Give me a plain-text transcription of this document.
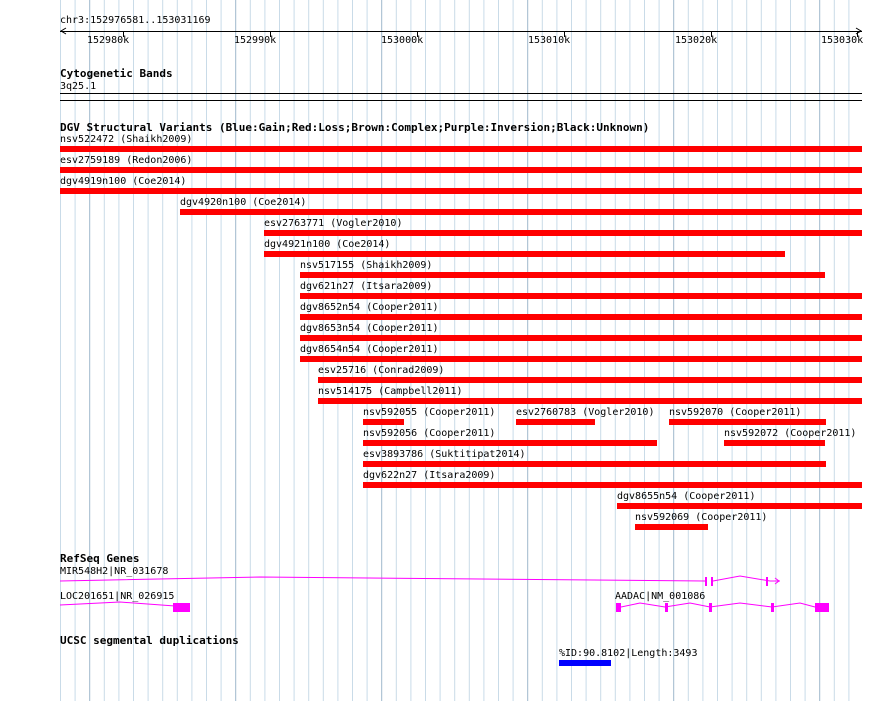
chr3:152976581..153031169
152980k	152990k	153000k	153010k	153020k	153030k
Cytogenetic Bands
3q25.1
DGV Structural Variants (Blue:Gain;Red:Loss;Brown:Complex;Purple:Inversion;Black:Unknown)
nsv522472 (Shaikh2009)
esv2759189 (Redon2006)
dgv4919n100 (Coe2014)
dgv4920n100 (Coe2014)
esv2763771 (Vogler2010)
dgv4921n100 (Coe2014)
nsv517155 (Shaikh2009)
dgv621n27 (Itsara2009)
dgv8652n54 (Cooper2011)
dgv8653n54 (Cooper2011)
dgv8654n54 (Cooper2011)
esv25716 (Conrad2009)
nsv514175 (Campbell2011)
nsv592055 (Cooper2011) esv2760783 (Vogler2010) nsv592070 (Cooper2011)
nsv592056 (Cooper2011)	nsv592072 (Cooper2011)
esv3893786 (Suktitipat2014)
dgv622n27 (Itsara2009)
dgv8655n54 (Cooper2011)
nsv592069 (Cooper2011)
RefSeq Genes
MIR548H2|NR_031678
LOC201651|NR_026915	AADAC|NM_001086
UCSC segmental duplications
%ID:90.8102|Length:3493
